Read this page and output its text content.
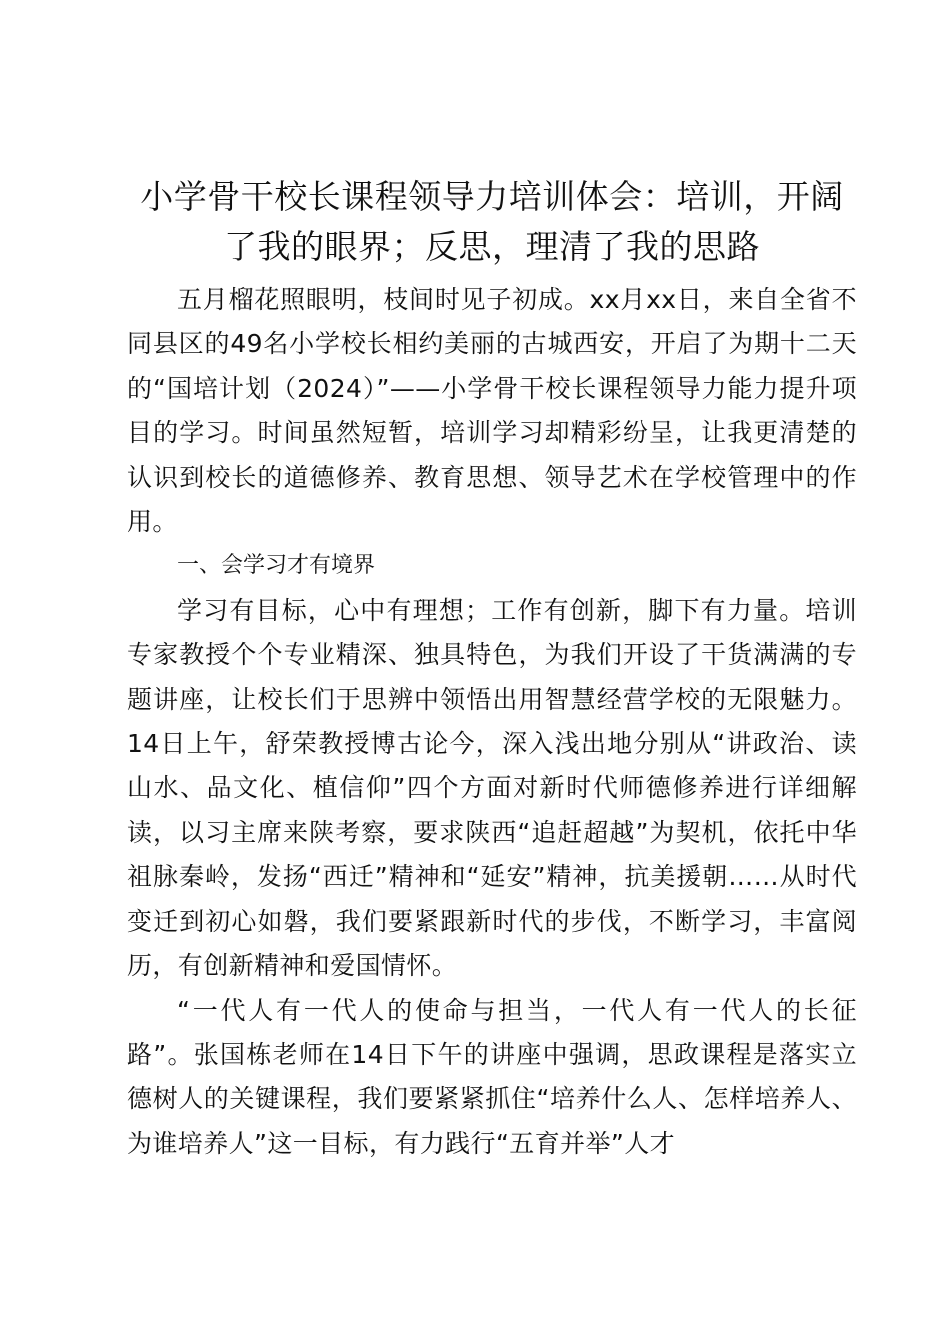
小学骨干校长课程领导力培训体会：培训，开阔了我的眼界；反思，理清了我的思路

五月榴花照眼明，枝间时见子初成。xx月xx日，来自全省不同县区的49名小学校长相约美丽的古城西安，开启了为期十二天的“国培计划（2024）”——小学骨干校长课程领导力能力提升项目的学习。时间虽然短暂，培训学习却精彩纷呈，让我更清楚的认识到校长的道德修养、教育思想、领导艺术在学校管理中的作用。

一、会学习才有境界

学习有目标，心中有理想；工作有创新，脚下有力量。培训专家教授个个专业精深、独具特色，为我们开设了干货满满的专题讲座，让校长们于思辨中领悟出用智慧经营学校的无限魅力。14日上午，舒荣教授博古论今，深入浅出地分别从“讲政治、读山水、品文化、植信仰”四个方面对新时代师德修养进行详细解读，以习主席来陕考察，要求陕西“追赶超越”为契机，依托中华祖脉秦岭，发扬“西迁”精神和“延安”精神，抗美援朝……从时代变迁到初心如磐，我们要紧跟新时代的步伐，不断学习，丰富阅历，有创新精神和爱国情怀。

“一代人有一代人的使命与担当，一代人有一代人的长征路”。张国栋老师在14日下午的讲座中强调，思政课程是落实立德树人的关键课程，我们要紧紧抓住“培养什么人、怎样培养人、为谁培养人”这一目标，有力践行“五育并举”人才
